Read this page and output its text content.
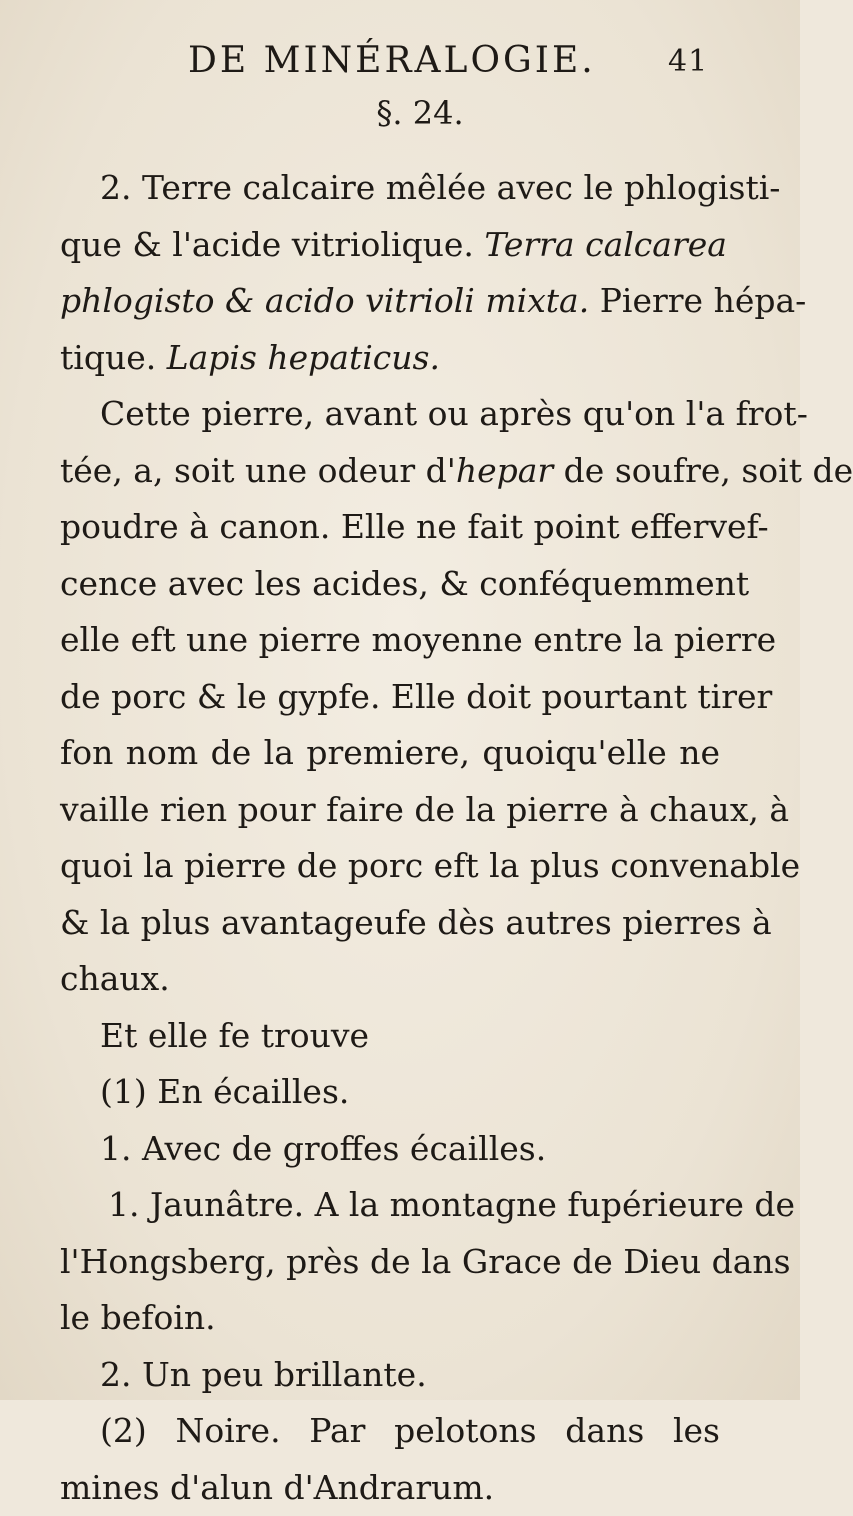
DE MINÉRALOGIE. 41
§. 24.
2. Terre calcaire mêlée avec le phlogisti-
que & l'acide vitriolique. Terra calcarea
phlogisto & acido vitrioli mixta. Pierre hépa-
tique. Lapis hepaticus.
Cette pierre, avant ou après qu'on l'a frot-
tée, a, soit une odeur d'hepar de soufre, soit de
poudre à canon. Elle ne fait point effervef-
cence avec les acides, & conféquemment
elle eft une pierre moyenne entre la pierre
de porc & le gypfe. Elle doit pourtant tirer
fon nom de la premiere, quoiqu'elle ne
vaille rien pour faire de la pierre à chaux, à
quoi la pierre de porc eft la plus convenable
& la plus avantageufe dès autres pierres à
chaux.
Et elle fe trouve
(1) En écailles.
1. Avec de groffes écailles.
1. Jaunâtre. A la montagne fupérieure de
l'Hongsberg, près de la Grace de Dieu dans
le befoin.
2. Un peu brillante.
(2) Noire. Par pelotons dans les
mines d'alun d'Andrarum.
